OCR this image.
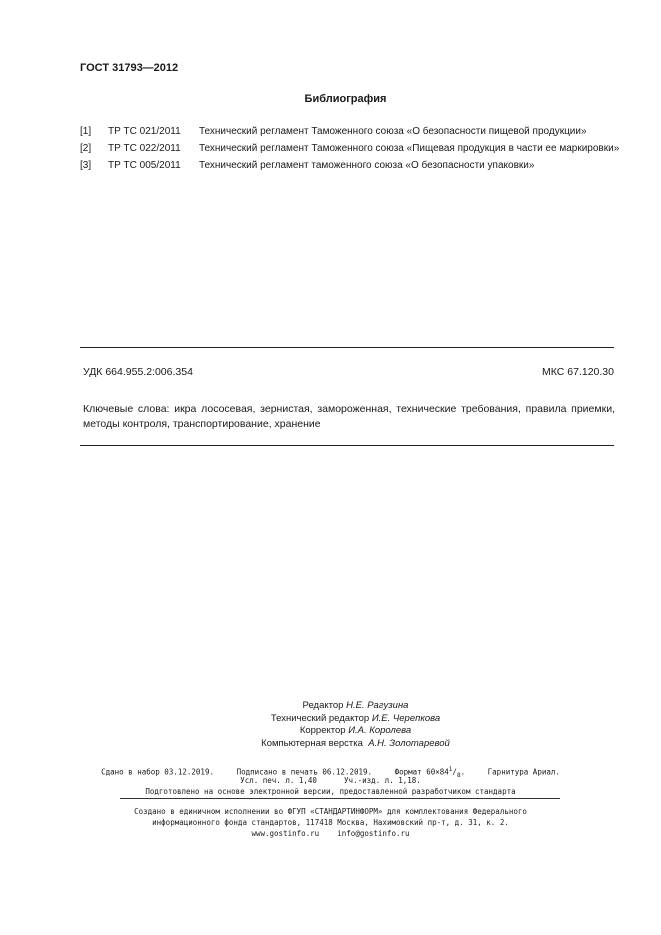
ГОСТ 31793—2012
Библиография
[1] ТР ТС 021/2011 Технический регламент Таможенного союза «О безопасности пищевой продукции»
[2] ТР ТС 022/2011 Технический регламент Таможенного союза «Пищевая продукция в части ее маркировки»
[3] ТР ТС 005/2011 Технический регламент таможенного союза «О безопасности упаковки»
УДК 664.955.2:006.354	МКС 67.120.30
Ключевые слова: икра лососевая, зернистая, замороженная, технические требования, правила приемки, методы контроля, транспортирование, хранение
Редактор Н.Е. Рагузина
Технический редактор И.Е. Черепкова
Корректор И.А. Королева
Компьютерная верстка А.Н. Золотаревой
Сдано в набор 03.12.2019.	Подписано в печать 06.12.2019.	Формат $60\times 84^1/_8$.     Гарнитура Ариал.
Усл. печ. л. 1,40	Уч.-изд. л. 1,18.
Подготовлено на основе электронной версии, предоставленной разработчиком стандарта
Создано в единичном исполнении во ФГУП «СТАНДАРТИНФОРМ» для комплектования Федерального
информационного фонда стандартов, 117418 Москва, Нахимовский пр-т, д. 31, к. 2.
www.gostinfo.ru info@gostinfo.ru
